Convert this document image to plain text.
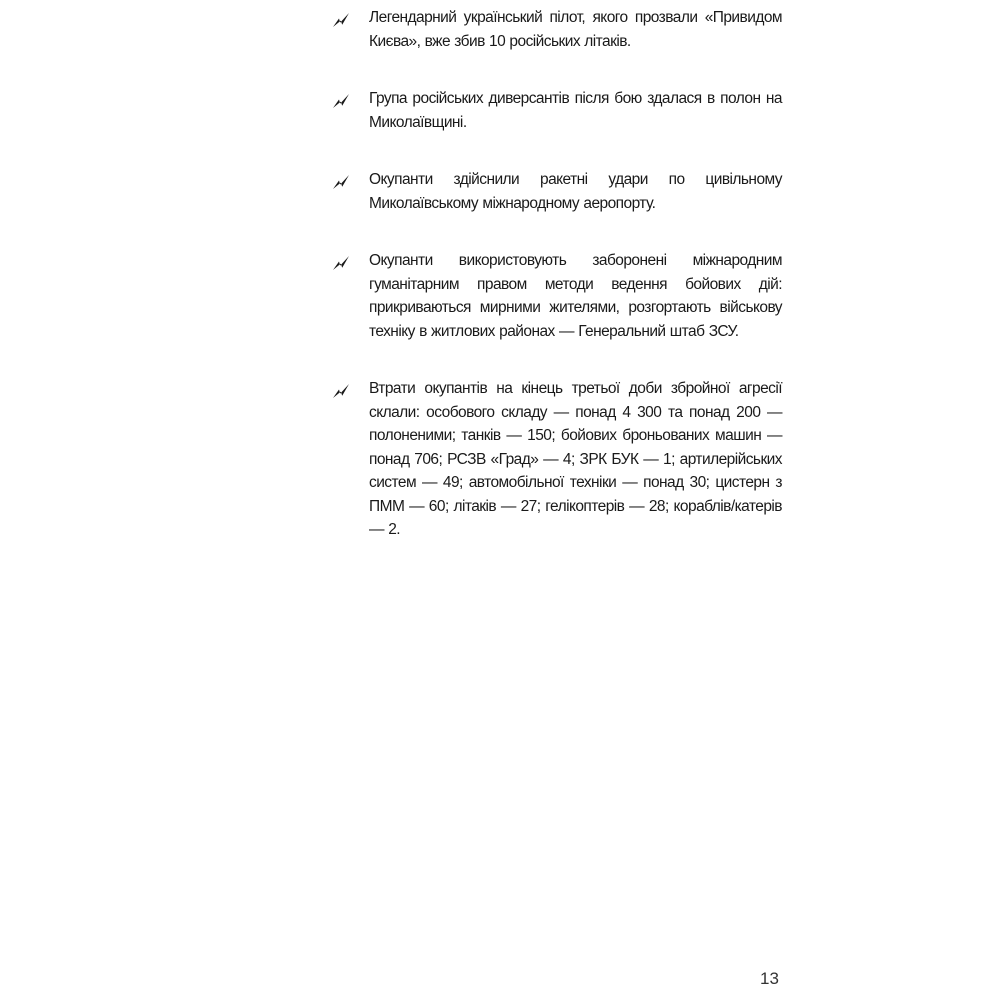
Легендарний український пілот, якого прозвали «Привидом Києва», вже збив 10 російських літаків.
Група російських диверсантів після бою здалася в полон на Миколаївщині.
Окупанти здійснили ракетні удари по цивільному Миколаївському міжнародному аеропорту.
Окупанти використовують заборонені міжнародним гуманітарним правом методи ведення бойових дій: прикриваються мирними жителями, розгортають військову техніку в житлових районах — Генеральний штаб ЗСУ.
Втрати окупантів на кінець третьої доби збройної агресії склали: особового складу — понад 4 300 та понад 200 — полоненими; танків — 150; бойових броньованих машин — понад 706; РСЗВ «Град» — 4; ЗРК БУК — 1; артилерійських систем — 49; автомобільної техніки — понад 30; цистерн з ПММ — 60; літаків — 27; гелікоптерів — 28; кораблів/катерів — 2.
13
